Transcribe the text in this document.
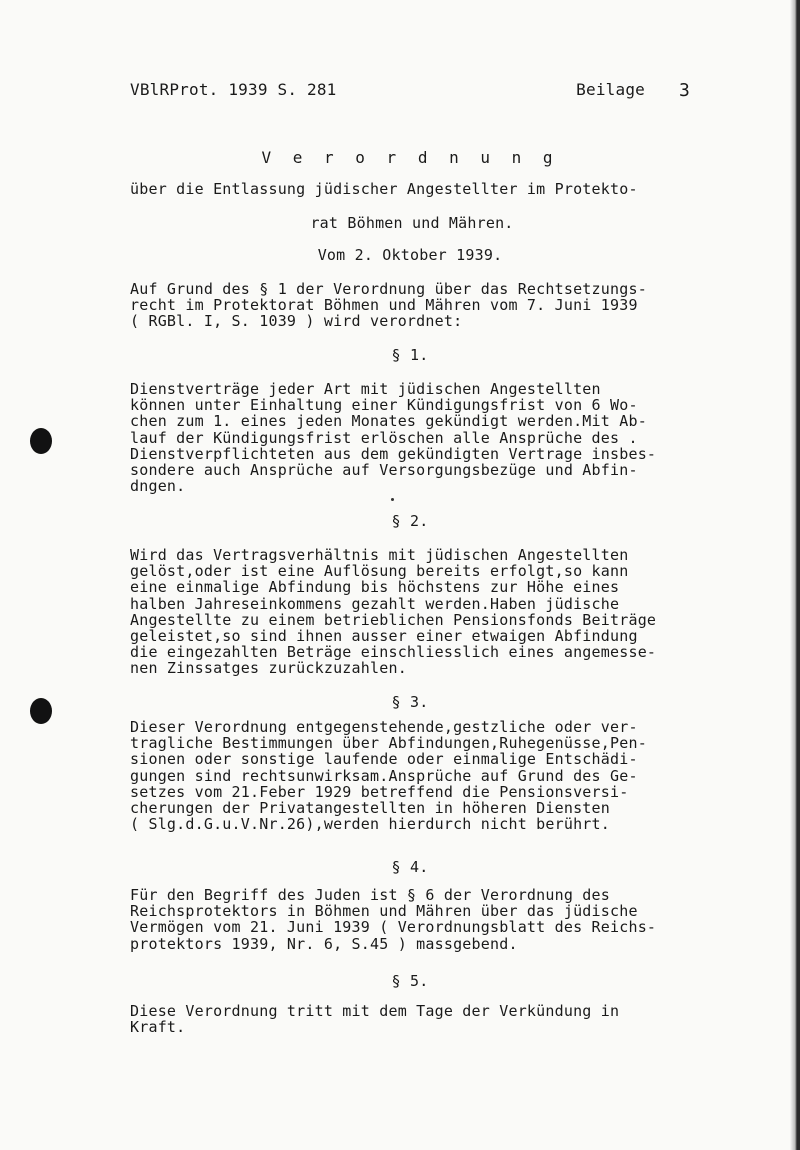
VBlRProt. 1939 S. 281	Beilage 3
V e r o r d n u n g
über die Entlassung jüdischer Angestellter im Protekto-
rat Böhmen und Mähren.
Vom 2. Oktober 1939.
Auf Grund des § 1 der Verordnung über das Rechtsetzungs-
recht im Protektorat Böhmen und Mähren vom 7. Juni 1939
( RGBl. I, S. 1039 ) wird verordnet:
§ 1.
Dienstverträge jeder Art mit jüdischen Angestellten
können unter Einhaltung einer Kündigungsfrist von 6 Wo-
chen zum 1. eines jeden Monates gekündigt werden.Mit Ab-
lauf der Kündigungsfrist erlöschen alle Ansprüche des .
Dienstverpflichteten aus dem gekündigten Vertrage insbes-
sondere auch Ansprüche auf Versorgungsbezüge und Abfin-
dngen.
§ 2.
Wird das Vertragsverhältnis mit jüdischen Angestellten
gelöst,oder ist eine Auflösung bereits erfolgt,so kann
eine einmalige Abfindung bis höchstens zur Höhe eines
halben Jahreseinkommens gezahlt werden.Haben jüdische
Angestellte zu einem betrieblichen Pensionsfonds Beiträge
geleistet,so sind ihnen ausser einer etwaigen Abfindung
die eingezahlten Beträge einschliesslich eines angemesse-
nen Zinssatges zurückzuzahlen.
§ 3.
Dieser Verordnung entgegenstehende,gestzliche oder ver-
tragliche Bestimmungen über Abfindungen,Ruhegenüsse,Pen-
sionen oder sonstige laufende oder einmalige Entschädi-
gungen sind rechtsunwirksam.Ansprüche auf Grund des Ge-
setzes vom 21.Feber 1929 betreffend die Pensionsversi-
cherungen der Privatangestellten in höheren Diensten
( Slg.d.G.u.V.Nr.26),werden hierdurch nicht berührt.
§ 4.
Für den Begriff des Juden ist § 6 der Verordnung des
Reichsprotektors in Böhmen und Mähren über das jüdische
Vermögen vom 21. Juni 1939 ( Verordnungsblatt des Reichs-
protektors 1939, Nr. 6, S.45 ) massgebend.
§ 5.
Diese Verordnung tritt mit dem Tage der Verkündung in
Kraft.
